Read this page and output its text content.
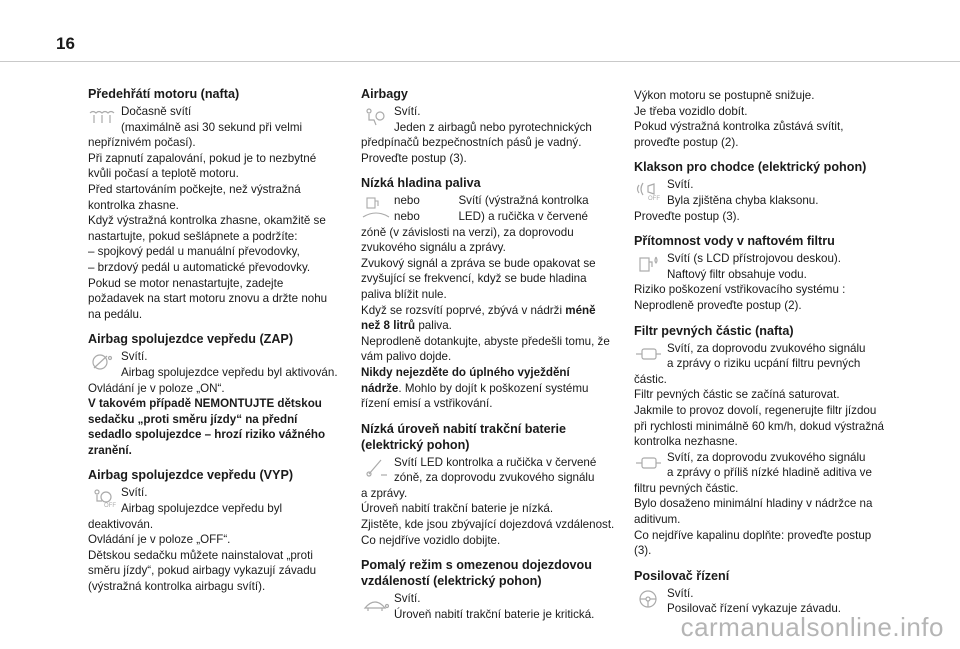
16
Předehřátí motoru (nafta)

Dočasně svítí

(maximálně asi 30 sekund při velmi

nepříznivém počasí).

Při zapnutí zapalování, pokud je to nezbytné

kvůli počasí a teplotě motoru.

Před startováním počkejte, než výstražná

kontrolka zhasne.

Když výstražná kontrolka zhasne, okamžitě se

nastartujte, pokud sešlápnete a podržíte:

– spojkový pedál u manuální převodovky,

– brzdový pedál u automatické převodovky.

Pokud se motor nenastartujte, zadejte

požadavek na start motoru znovu a držte nohu

na pedálu.

Airbag spolujezdce vepředu (ZAP)

Svítí.

Airbag spolujezdce vepředu byl aktivován.

Ovládání je v poloze „ON“.

V takovém případě NEMONTUJTE dětskou

sedačku „proti směru jízdy“ na přední

sedadlo spolujezdce – hrozí riziko vážného

zranění.

Airbag spolujezdce vepředu (VYP)
OFF

Svítí.

Airbag spolujezdce vepředu byl

deaktivován.

Ovládání je v poloze „OFF“.

Dětskou sedačku můžete nainstalovat „proti

směru jízdy“, pokud airbagy vykazují závadu

(výstražná kontrolka airbagu svítí).

Airbagy

Svítí.

Jeden z airbagů nebo pyrotechnických

předpínačů bezpečnostních pásů je vadný.

Proveďte postup (3).

Nízká hladina paliva

nebo	Svítí (výstražná kontrolka

nebo	LED) a ručička v červené

zóně (v závislosti na verzi), za doprovodu

zvukového signálu a zprávy.

Zvukový signál a zpráva se bude opakovat se

zvyšující se frekvencí, když se bude hladina

paliva blížit nule.

Když se rozsvítí poprvé, zbývá v nádrži méně

než 8 litrů paliva.

Neprodleně dotankujte, abyste předešli tomu, že

vám palivo dojde.

Nikdy nejezděte do úplného vyježdění

nádrže. Mohlo by dojít k poškození systému

řízení emisí a vstřikování.

Nízká úroveň nabití trakční baterie
(elektrický pohon)

Svítí LED kontrolka a ručička v červené

zóně, za doprovodu zvukového signálu

a zprávy.

Úroveň nabití trakční baterie je nízká.

Zjistěte, kde jsou zbývající dojezdová vzdálenost.

Co nejdříve vozidlo dobijte.

Pomalý režim s omezenou dojezdovou
vzdáleností (elektrický pohon)

Svítí.

Úroveň nabití trakční baterie je kritická.

Výkon motoru se postupně snižuje.

Je třeba vozidlo dobít.

Pokud výstražná kontrolka zůstává svítit,

proveďte postup (2).

Klakson pro chodce (elektrický pohon)
OFF

Svítí.

Byla zjištěna chyba klaksonu.

Proveďte postup (3).

Přítomnost vody v naftovém filtru

Svítí (s LCD přístrojovou deskou).

Naftový filtr obsahuje vodu.

Riziko poškození vstřikovacího systému :

Neprodleně proveďte postup (2).

Filtr pevných částic (nafta)

Svítí, za doprovodu zvukového signálu

a zprávy o riziku ucpání filtru pevných

částic.

Filtr pevných částic se začíná saturovat.

Jakmile to provoz dovolí, regenerujte filtr jízdou

při rychlosti minimálně 60 km/h, dokud výstražná

kontrolka nezhasne.

Svítí, za doprovodu zvukového signálu

a zprávy o příliš nízké hladině aditiva ve

filtru pevných částic.

Bylo dosaženo minimální hladiny v nádržce na

aditivum.

Co nejdříve kapalinu doplňte: proveďte postup

(3).

Posilovač řízení

Svítí.

Posilovač řízení vykazuje závadu.

carmanualsonline.info
